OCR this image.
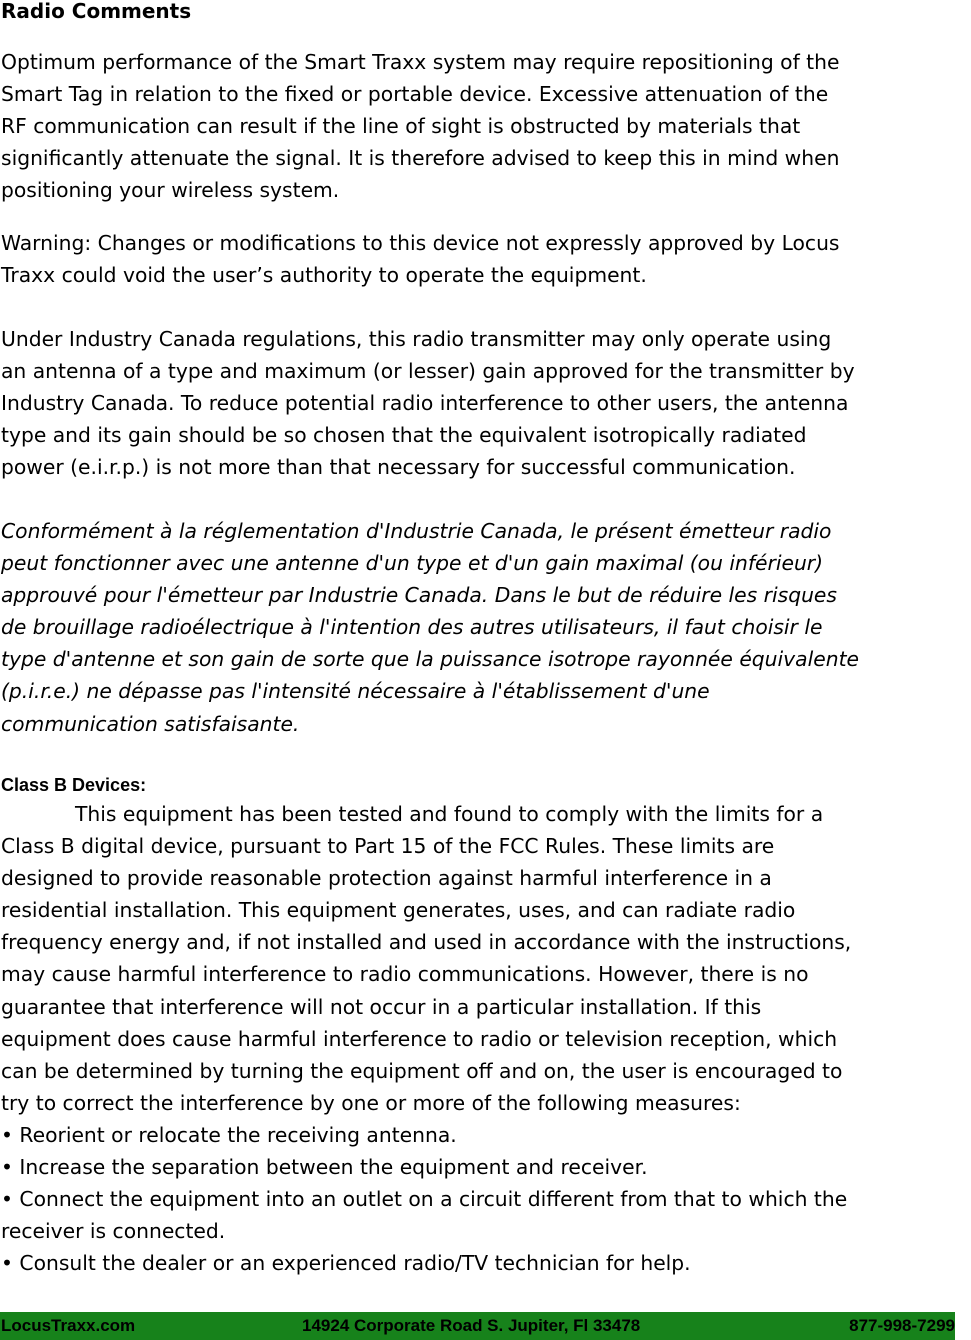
Radio Comments
Optimum performance of the Smart Traxx system may require repositioning of the
Smart Tag in relation to the fixed or portable device. Excessive attenuation of the
RF communication can result if the line of sight is obstructed by materials that
significantly attenuate the signal. It is therefore advised to keep this in mind when
positioning your wireless system.
Warning: Changes or modifications to this device not expressly approved by Locus
Traxx could void the user’s authority to operate the equipment.
Under Industry Canada regulations, this radio transmitter may only operate using
an antenna of a type and maximum (or lesser) gain approved for the transmitter by
Industry Canada. To reduce potential radio interference to other users, the antenna
type and its gain should be so chosen that the equivalent isotropically radiated
power (e.i.r.p.) is not more than that necessary for successful communication.
Conformément à la réglementation d'Industrie Canada, le présent émetteur radio
peut fonctionner avec une antenne d'un type et d'un gain maximal (ou inférieur)
approuvé pour l'émetteur par Industrie Canada. Dans le but de réduire les risques
de brouillage radioélectrique à l'intention des autres utilisateurs, il faut choisir le
type d'antenne et son gain de sorte que la puissance isotrope rayonnée équivalente
(p.i.r.e.) ne dépasse pas l'intensité nécessaire à l'établissement d'une
communication satisfaisante.
Class B Devices:
This equipment has been tested and found to comply with the limits for a
Class B digital device, pursuant to Part 15 of the FCC Rules. These limits are
designed to provide reasonable protection against harmful interference in a
residential installation. This equipment generates, uses, and can radiate radio
frequency energy and, if not installed and used in accordance with the instructions,
may cause harmful interference to radio communications. However, there is no
guarantee that interference will not occur in a particular installation. If this
equipment does cause harmful interference to radio or television reception, which
can be determined by turning the equipment off and on, the user is encouraged to
try to correct the interference by one or more of the following measures:
• Reorient or relocate the receiving antenna.
• Increase the separation between the equipment and receiver.
• Connect the equipment into an outlet on a circuit different from that to which the
receiver is connected.
• Consult the dealer or an experienced radio/TV technician for help.
LocusTraxx.com	14924 Corporate Road S. Jupiter, Fl 33478	877-998-7299
